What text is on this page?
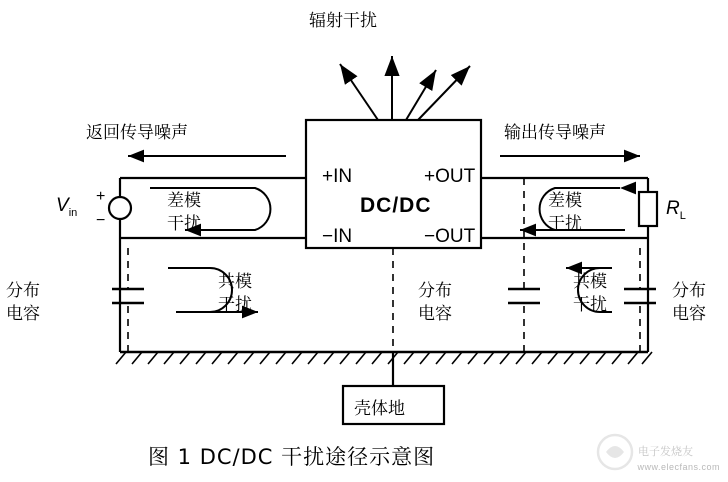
辐射干扰
返回传导噪声	输出传导噪声
+IN	+OUT
−IN	−OUT
DC/DC
$V_{in}$
+
−
$R_L$
差模
干扰
差模
干扰
共模
干扰
共模
干扰
分布
电容
分布
电容
分布
电容
壳体地
图 1 DC/DC 干扰途径示意图	www.elecfans.com
电子发烧友
